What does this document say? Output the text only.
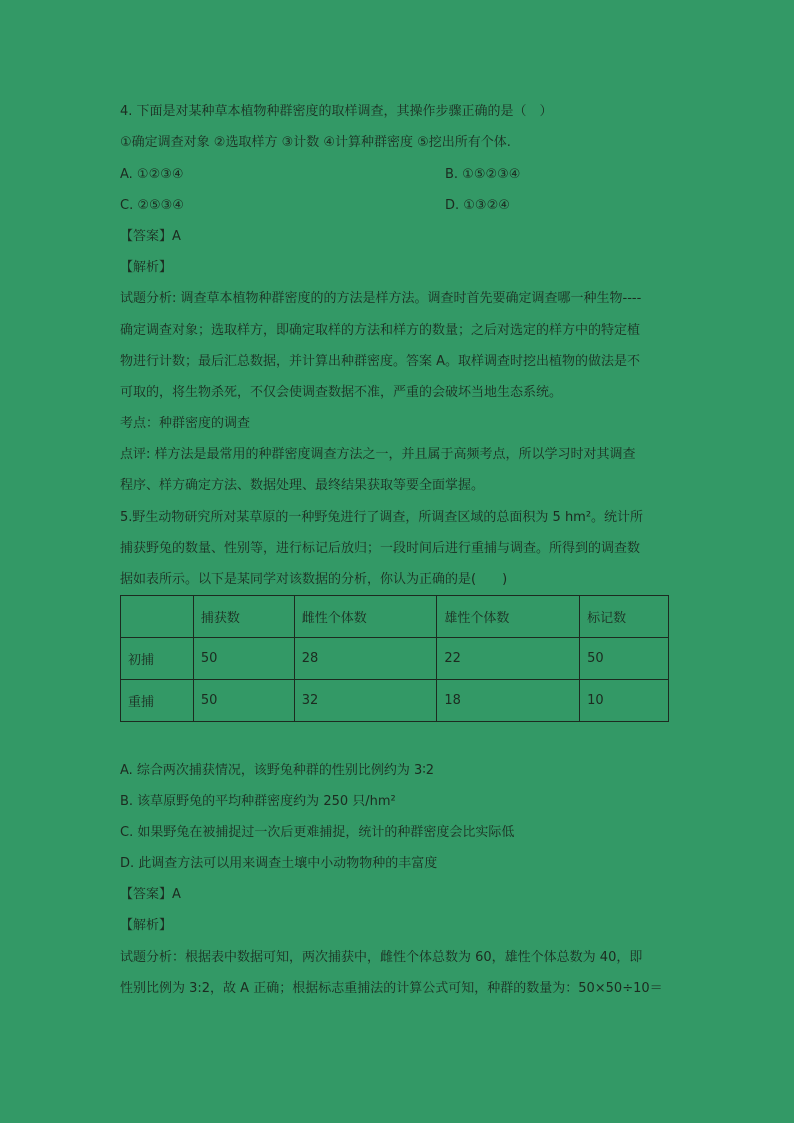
4. 下面是对某种草本植物种群密度的取样调查，其操作步骤正确的是（　）
①确定调查对象 ②选取样方 ③计数 ④计算种群密度 ⑤挖出所有个体.
A. ①②③④	B. ①⑤②③④
C. ②⑤③④	D. ①③②④
【答案】A
【解析】
试题分析: 调查草本植物种群密度的的方法是样方法。调查时首先要确定调查哪一种生物----
确定调查对象；选取样方，即确定取样的方法和样方的数量；之后对选定的样方中的特定植
物进行计数；最后汇总数据，并计算出种群密度。答案 A。取样调查时挖出植物的做法是不
可取的，将生物杀死，不仅会使调查数据不准，严重的会破坏当地生态系统。
考点：种群密度的调查
点评: 样方法是最常用的种群密度调查方法之一，并且属于高频考点，所以学习时对其调查
程序、样方确定方法、数据处理、最终结果获取等要全面掌握。
5.野生动物研究所对某草原的一种野兔进行了调查，所调查区域的总面积为 5 hm²。统计所
捕获野兔的数量、性别等，进行标记后放归；一段时间后进行重捕与调查。所得到的调查数
据如表所示。以下是某同学对该数据的分析，你认为正确的是(　　)
	捕获数	雌性个体数	雄性个体数	标记数
初捕	50	28	22	50
重捕	50	32	18	10
A. 综合两次捕获情况，该野兔种群的性别比例约为 3∶2
B. 该草原野兔的平均种群密度约为 250 只/hm²
C. 如果野兔在被捕捉过一次后更难捕捉，统计的种群密度会比实际低
D. 此调查方法可以用来调查土壤中小动物物种的丰富度
【答案】A
【解析】
试题分析：根据表中数据可知，两次捕获中，雌性个体总数为 60，雄性个体总数为 40，即
性别比例为 3:2，故 A 正确；根据标志重捕法的计算公式可知，种群的数量为：50×50÷10＝
